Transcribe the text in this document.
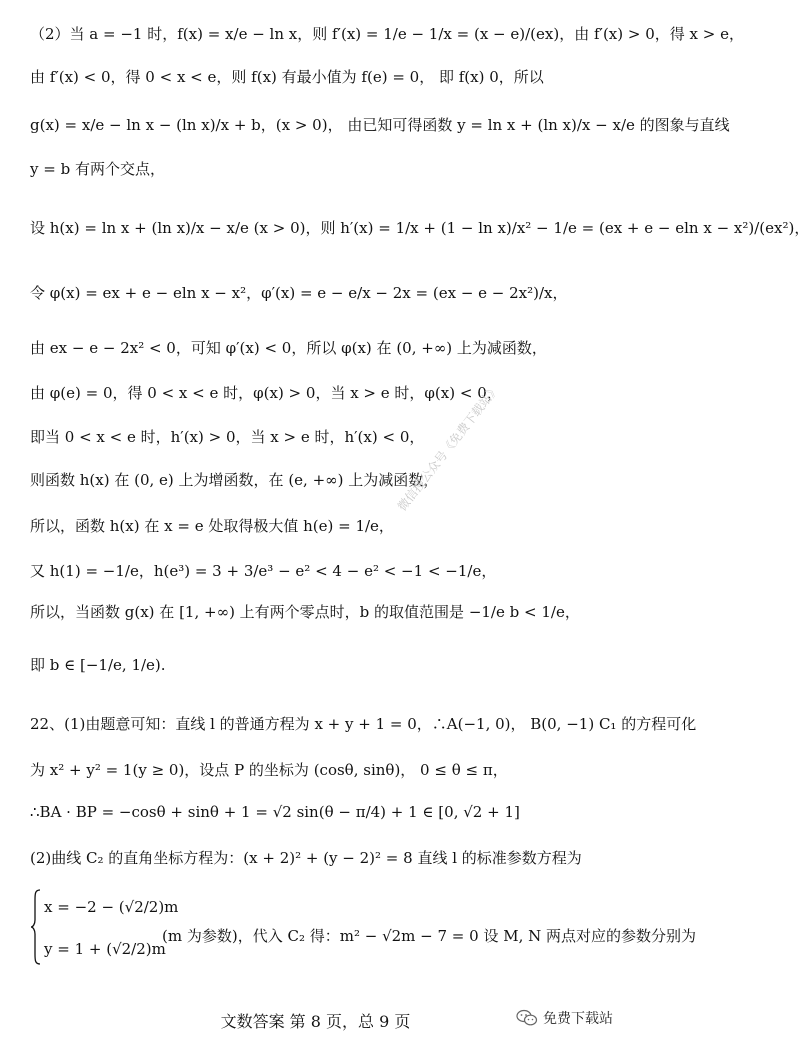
（2）当 a = −1 时，f(x) = x/e − ln x，则 f′(x) = 1/e − 1/x = (x − e)/(ex)，由 f′(x) > 0，得 x > e，
由 f′(x) < 0，得 0 < x < e，则 f(x) 有最小值为 f(e) = 0， 即 f(x) 0，所以
g(x) = x/e − ln x − (ln x)/x + b，(x > 0)， 由已知可得函数 y = ln x + (ln x)/x − x/e 的图象与直线
y = b 有两个交点，
设 h(x) = ln x + (ln x)/x − x/e (x > 0)，则 h′(x) = 1/x + (1 − ln x)/x² − 1/e = (ex + e − eln x − x²)/(ex²)，
令 φ(x) = ex + e − eln x − x²，φ′(x) = e − e/x − 2x = (ex − e − 2x²)/x，
由 ex − e − 2x² < 0，可知 φ′(x) < 0，所以 φ(x) 在 (0, +∞) 上为减函数，
由 φ(e) = 0，得 0 < x < e 时，φ(x) > 0，当 x > e 时，φ(x) < 0，
即当 0 < x < e 时，h′(x) > 0，当 x > e 时，h′(x) < 0，
则函数 h(x) 在 (0, e) 上为增函数，在 (e, +∞) 上为减函数，
所以，函数 h(x) 在 x = e 处取得极大值 h(e) = 1/e，
又 h(1) = −1/e，h(e³) = 3 + 3/e³ − e² < 4 − e² < −1 < −1/e，
所以，当函数 g(x) 在 [1, +∞) 上有两个零点时，b 的取值范围是 −1/e b < 1/e，
即 b ∈ [−1/e, 1/e).
22、(1)由题意可知：直线 l 的普通方程为 x + y + 1 = 0，∴A(−1, 0)， B(0, −1) C₁ 的方程可化
为 x² + y² = 1(y ≥ 0)，设点 P 的坐标为 (cosθ, sinθ)， 0 ≤ θ ≤ π，
∴BA · BP = −cosθ + sinθ + 1 = √2 sin(θ − π/4) + 1 ∈ [0, √2 + 1]
(2)曲线 C₂ 的直角坐标方程为：(x + 2)² + (y − 2)² = 8 直线 l 的标准参数方程为
x = −2 − (√2/2)m
y = 1 + (√2/2)m
(m 为参数)，代入 C₂ 得：m² − √2m − 7 = 0 设 M, N 两点对应的参数分别为
微信搜公众号《免费下载站》
文数答案 第 8 页，总 9 页	免费下载站
